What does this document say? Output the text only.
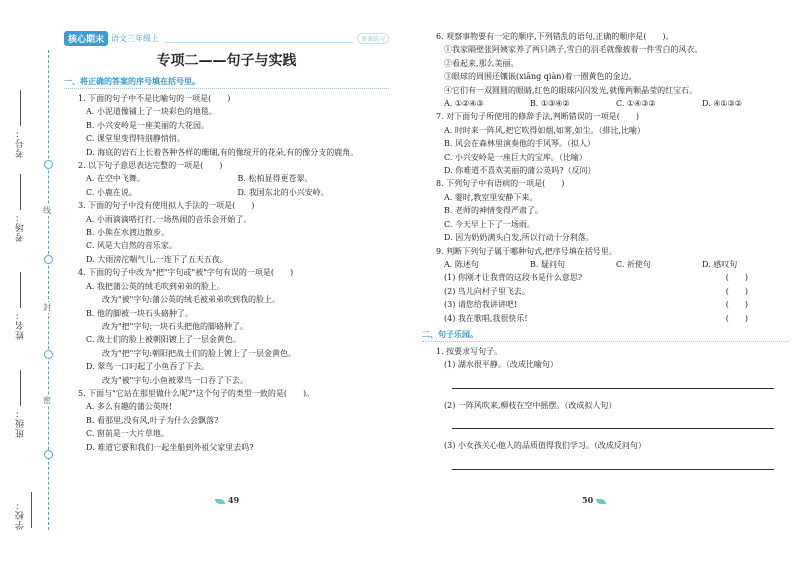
学校：
班级：
姓名：
考场：
考号：
密
封
线
核心期末 语文三年级上	课课练习
专项二——句子与实践
一、将正确的答案的序号填在括号里。
1. 下面的句子中不是比喻句的一项是(　　)
A. 小泥道像铺上了一块彩色的地毯。
B. 小兴安岭是一座美丽的大花园。
C. 课堂里变得特别静悄悄。
D. 海底的岩石上长着各种各样的珊瑚,有的像绽开的花朵,有的像分支的鹿角。
2. 以下句子意思表达完整的一项是(　　)
A. 在空中飞舞。	B. 松柏显得更苍翠。
C. 小鹿在说。	D. 我国东北的小兴安岭。
3. 下面的句子中没有使用拟人手法的一项是(　　)
A. 小雨滴滴嗒打打,一场热闹的音乐会开始了。
B. 小熊在水渡边散步。
C. 风是大自然的音乐家。
D. 大雨滂沱喘气儿,一连下了五天五夜。
4. 下面的句子中改为"把"字句或"被"字句有误的一项是(　　)
A. 我把蒲公英的绒毛吹到弟弟的脸上。
改为"被"字句:蒲公英的绒毛被弟弟吹到我的脸上。
B. 他的脚被一块石头硌肿了。
改为"把"字句:一块石头把他的脚硌肿了。
C. 战士们的脸上被朝阳镀上了一层金黄色。
改为"把"字句:朝阳把战士们的脸上镀上了一层金黄色。
D. 翠鸟一口叼起了小鱼吞了下去。
改为"被"字句:小鱼被翠鸟一口吞了下去。
5. 下面与"它站在那里做什么呢?"这个句子的类型一致的是(　　)。
A. 多么有趣的蒲公英呀!
B. 看那里,没有风,叶子为什么会飘落?
C. 窗前是一大片草地。
D. 难道它要和我们一起坐船到外祖父家里去吗?
6. 观察事物要有一定的顺序,下列错乱的语句,正确的顺序是(　　)。
①我家隔壁张阿姨家养了两只鸽子,雪白的羽毛就像披着一件雪白的风衣。
②看起来,那么美丽。
③眼球的周围还镶嵌(xiāng qiàn)着一圈黄色的金边。
④它们有一双圆圆的眼睛,红色的眼球闪闪发光,就像两颗晶莹的红宝石。
A. ①②④③	B. ①③④②	C. ①④③②	D. ④①③②
7. 对下面句子所使用的修辞手法,判断错误的一项是(　　)
A. 时时来一阵风,把它吹得如烟,如雾,如尘。（排比,比喻）
B. 风会在森林里演奏他的手风琴。（拟人）
C. 小兴安岭是一座巨大的宝库。（比喻）
D. 你难道不喜欢美丽的蒲公英吗?（反问）
8. 下列句子中有语病的一项是(　　)
A. 霎时,教室里安静下来。
B. 老师的神情变得严肃了。
C. 今天早上下了一场雨。
D. 因为奶奶满头白发,所以行动十分利落。
9. 判断下列句子属于哪种句式,把序号填在括号里。
A. 陈述句	B. 疑问句	C. 祈使句	D. 感叹句
(1) 你刚才让我背的这段书是什么意思?	(　　)
(2) 鸟儿向村子里飞去。	(　　)
(3) 请您给我讲讲吧!	(　　)
(4) 我在歌唱,我很快乐!	(　　)
二、句子乐园。
1. 按要求写句子。
(1) 湖水很平静。（改成比喻句）
(2) 一阵风吹来,柳枝在空中摇摆。（改成拟人句）
(3) 小女孩关心他人的品质值得我们学习。（改成反问句）
49	50
